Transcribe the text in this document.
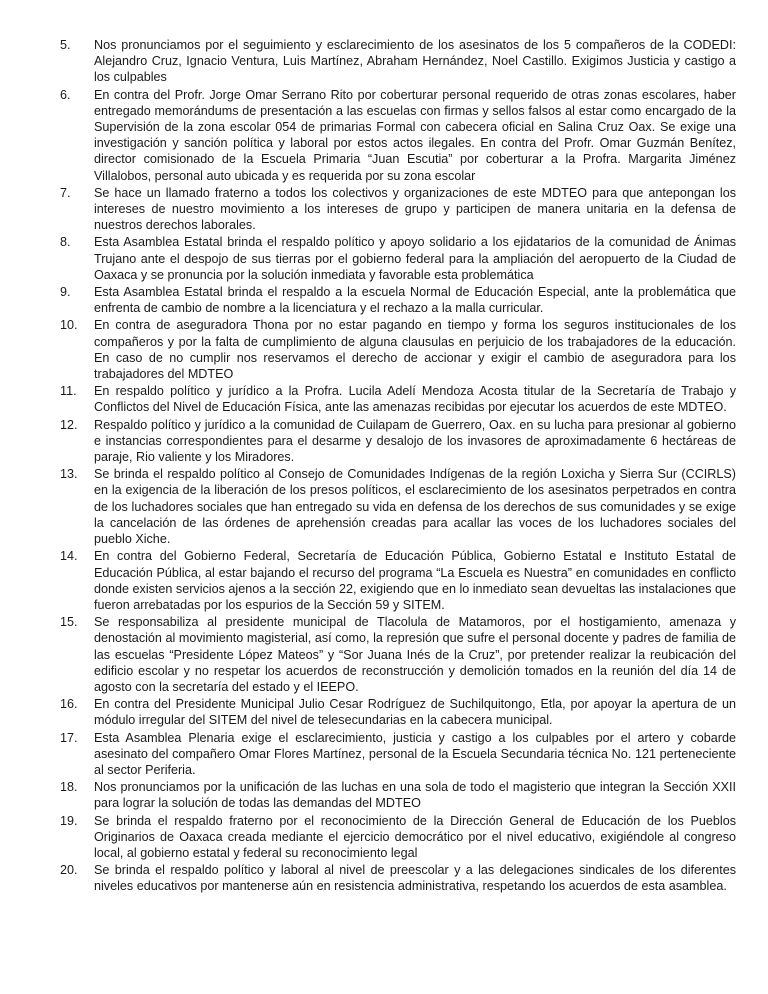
5.	Nos pronunciamos por el seguimiento y esclarecimiento de los asesinatos de los 5 compañeros de la CODEDI: Alejandro Cruz, Ignacio Ventura, Luis Martínez, Abraham Hernández, Noel Castillo. Exigimos Justicia y castigo a los culpables
6.	En contra del Profr. Jorge Omar Serrano Rito por coberturar personal requerido de otras zonas escolares, haber entregado memorándums de presentación a las escuelas con firmas y sellos falsos al estar como encargado de la Supervisión de la zona escolar 054 de primarias Formal con cabecera oficial en Salina Cruz Oax. Se exige una investigación y sanción política y laboral por estos actos ilegales. En contra del Profr. Omar Guzmán Benítez, director comisionado de la Escuela Primaria “Juan Escutia” por coberturar a la Profra. Margarita Jiménez Villalobos, personal auto ubicada y es requerida por su zona escolar
7.	Se hace un llamado fraterno a todos los colectivos y organizaciones de este MDTEO para que antepongan los intereses de nuestro movimiento a los intereses de grupo y participen de manera unitaria en la defensa de nuestros derechos laborales.
8.	Esta Asamblea Estatal brinda el respaldo político y apoyo solidario a los ejidatarios de la comunidad de Ánimas Trujano ante el despojo de sus tierras por el gobierno federal para la ampliación del aeropuerto de la Ciudad de Oaxaca y se pronuncia por la solución inmediata y favorable esta problemática
9.	Esta Asamblea Estatal brinda el respaldo a la escuela Normal de Educación Especial, ante la problemática que enfrenta de cambio de nombre a la licenciatura y el rechazo a la malla curricular.
10.	En contra de aseguradora Thona por no estar pagando en tiempo y forma los seguros institucionales de los compañeros y por la falta de cumplimiento de alguna clausulas en perjuicio de los trabajadores de la educación. En caso de no cumplir nos reservamos el derecho de accionar y exigir el cambio de aseguradora para los trabajadores del MDTEO
11.	En respaldo político y jurídico a la Profra. Lucila Adelí Mendoza Acosta titular de la Secretaría de Trabajo y Conflictos del Nivel de Educación Física, ante las amenazas recibidas por ejecutar los acuerdos de este MDTEO.
12.	Respaldo político y jurídico a la comunidad de Cuilapam de Guerrero, Oax. en su lucha para presionar al gobierno e instancias correspondientes para el desarme y desalojo de los invasores de aproximadamente 6 hectáreas de paraje, Rio valiente y los Miradores.
13.	Se brinda el respaldo político al Consejo de Comunidades Indígenas de la región Loxicha y Sierra Sur (CCIRLS) en la exigencia de la liberación de los presos políticos, el esclarecimiento de los asesinatos perpetrados en contra de los luchadores sociales que han entregado su vida en defensa de los derechos de sus comunidades y se exige la cancelación de las órdenes de aprehensión creadas para acallar las voces de los luchadores sociales del pueblo Xiche.
14.	En contra del Gobierno Federal, Secretaría de Educación Pública, Gobierno Estatal e Instituto Estatal de Educación Pública, al estar bajando el recurso del programa “La Escuela es Nuestra” en comunidades en conflicto donde existen servicios ajenos a la sección 22, exigiendo que en lo inmediato sean devueltas las instalaciones que fueron arrebatadas por los espurios de la Sección 59 y SITEM.
15.	Se responsabiliza al presidente municipal de Tlacolula de Matamoros, por el hostigamiento, amenaza y denostación al movimiento magisterial, así como, la represión que sufre el personal docente y padres de familia de las escuelas “Presidente López Mateos” y “Sor Juana Inés de la Cruz”, por pretender realizar la reubicación del edificio escolar y no respetar los acuerdos de reconstrucción y demolición tomados en la reunión del día 14 de agosto con la secretaría del estado y el IEEPO.
16.	En contra del Presidente Municipal Julio Cesar Rodríguez de Suchilquitongo, Etla, por apoyar la apertura de un módulo irregular del SITEM del nivel de telesecundarias en la cabecera municipal.
17.	Esta Asamblea Plenaria exige el esclarecimiento, justicia y castigo a los culpables por el artero y cobarde asesinato del compañero Omar Flores Martínez, personal de la Escuela Secundaria técnica No. 121 perteneciente al sector Periferia.
18.	Nos pronunciamos por la unificación de las luchas en una sola de todo el magisterio que integran la Sección XXII para lograr la solución de todas las demandas del MDTEO
19.	Se brinda el respaldo fraterno por el reconocimiento de la Dirección General de Educación de los Pueblos Originarios de Oaxaca creada mediante el ejercicio democrático por el nivel educativo, exigiéndole al congreso local, al gobierno estatal y federal su reconocimiento legal
20.	Se brinda el respaldo político y laboral al nivel de preescolar y a las delegaciones sindicales de los diferentes niveles educativos por mantenerse aún en resistencia administrativa, respetando los acuerdos de esta asamblea.
